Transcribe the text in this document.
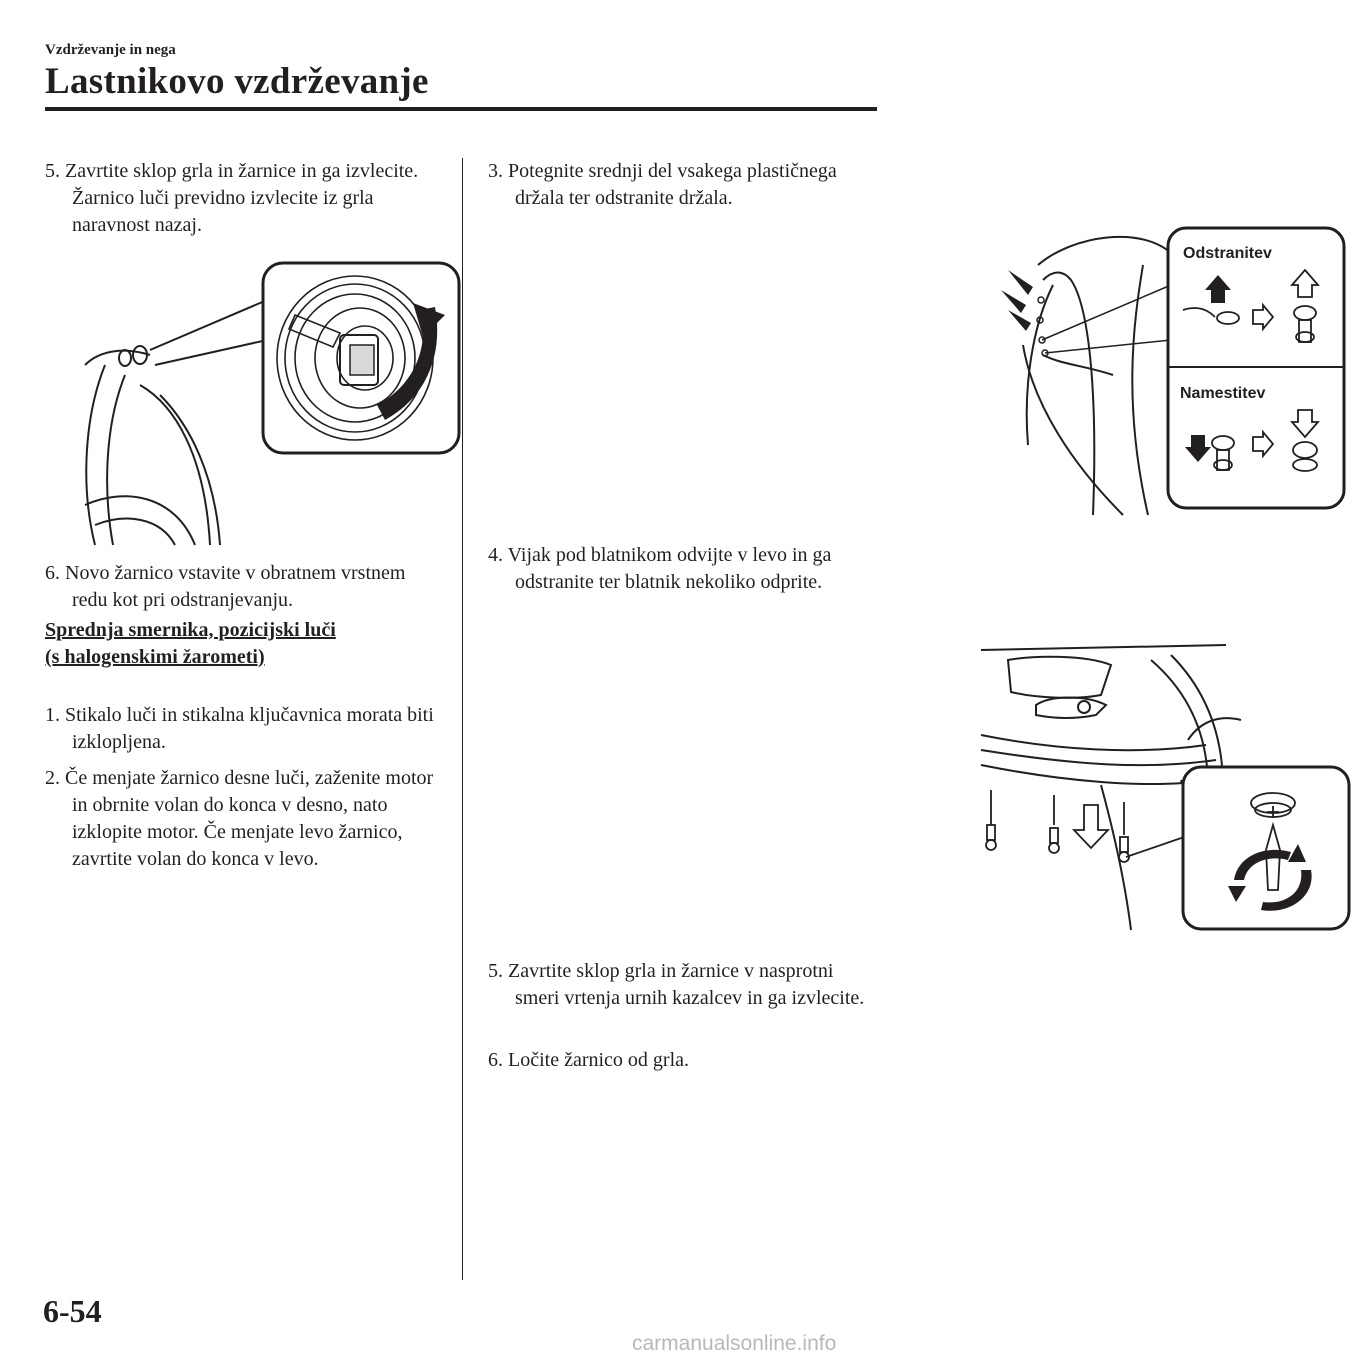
Vzdrževanje in nega
Lastnikovo vzdrževanje
5. Zavrtite sklop grla in žarnice in ga izvlecite. Žarnico luči previdno izvlecite iz grla naravnost nazaj.
6. Novo žarnico vstavite v obratnem vrstnem redu kot pri odstranjevanju.
Sprednja smernika, pozicijski luči
(s halogenskimi žarometi)
1. Stikalo luči in stikalna ključavnica morata biti izklopljena.
2. Če menjate žarnico desne luči, zaženite motor in obrnite volan do konca v desno, nato izklopite motor. Če menjate levo žarnico, zavrtite volan do konca v levo.
3. Potegnite srednji del vsakega plastičnega držala ter odstranite držala.
Odstranitev
Namestitev
4. Vijak pod blatnikom odvijte v levo in ga odstranite ter blatnik nekoliko odprite.
5. Zavrtite sklop grla in žarnice v nasprotni smeri vrtenja urnih kazalcev in ga izvlecite.
6. Ločite žarnico od grla.
6-54
carmanualsonline.info
